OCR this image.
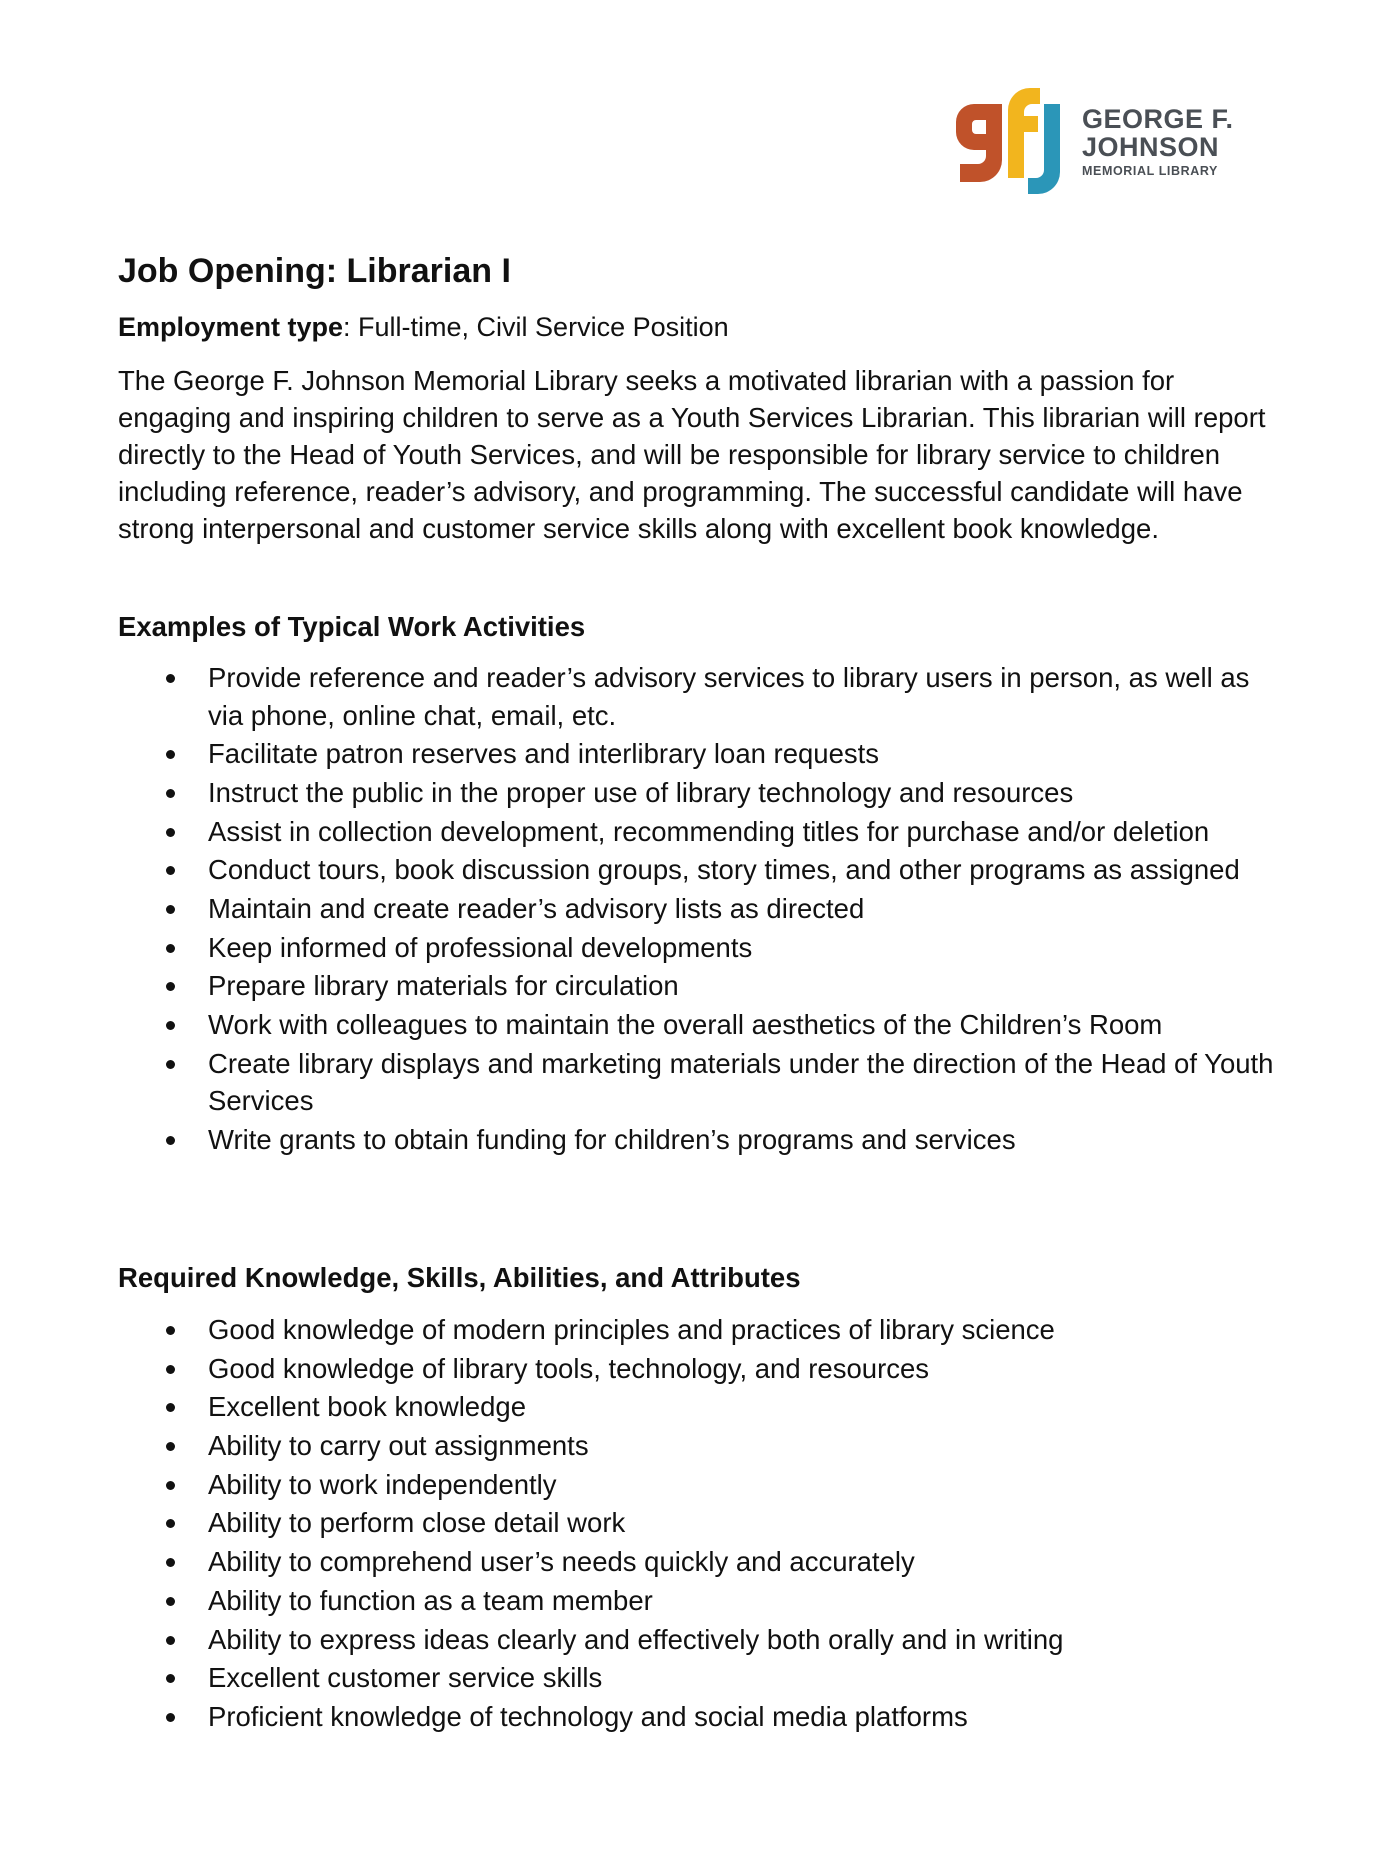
GEORGE F.
JOHNSON
MEMORIAL LIBRARY
Job Opening: Librarian I

Employment type: Full-time, Civil Service Position

The George F. Johnson Memorial Library seeks a motivated librarian with a passion for engaging and inspiring children to serve as a Youth Services Librarian. This librarian will report directly to the Head of Youth Services, and will be responsible for library service to children including reference, reader’s advisory, and programming. The successful candidate will have strong interpersonal and customer service skills along with excellent book knowledge.

Examples of Typical Work Activities
Provide reference and reader’s advisory services to library users in person, as well as via phone, online chat, email, etc.
Facilitate patron reserves and interlibrary loan requests
Instruct the public in the proper use of library technology and resources
Assist in collection development, recommending titles for purchase and/or deletion
Conduct tours, book discussion groups, story times, and other programs as assigned
Maintain and create reader’s advisory lists as directed
Keep informed of professional developments
Prepare library materials for circulation
Work with colleagues to maintain the overall aesthetics of the Children’s Room
Create library displays and marketing materials under the direction of the Head of Youth Services
Write grants to obtain funding for children’s programs and services
Required Knowledge, Skills, Abilities, and Attributes
Good knowledge of modern principles and practices of library science
Good knowledge of library tools, technology, and resources
Excellent book knowledge
Ability to carry out assignments
Ability to work independently
Ability to perform close detail work
Ability to comprehend user’s needs quickly and accurately
Ability to function as a team member
Ability to express ideas clearly and effectively both orally and in writing
Excellent customer service skills
Proficient knowledge of technology and social media platforms
